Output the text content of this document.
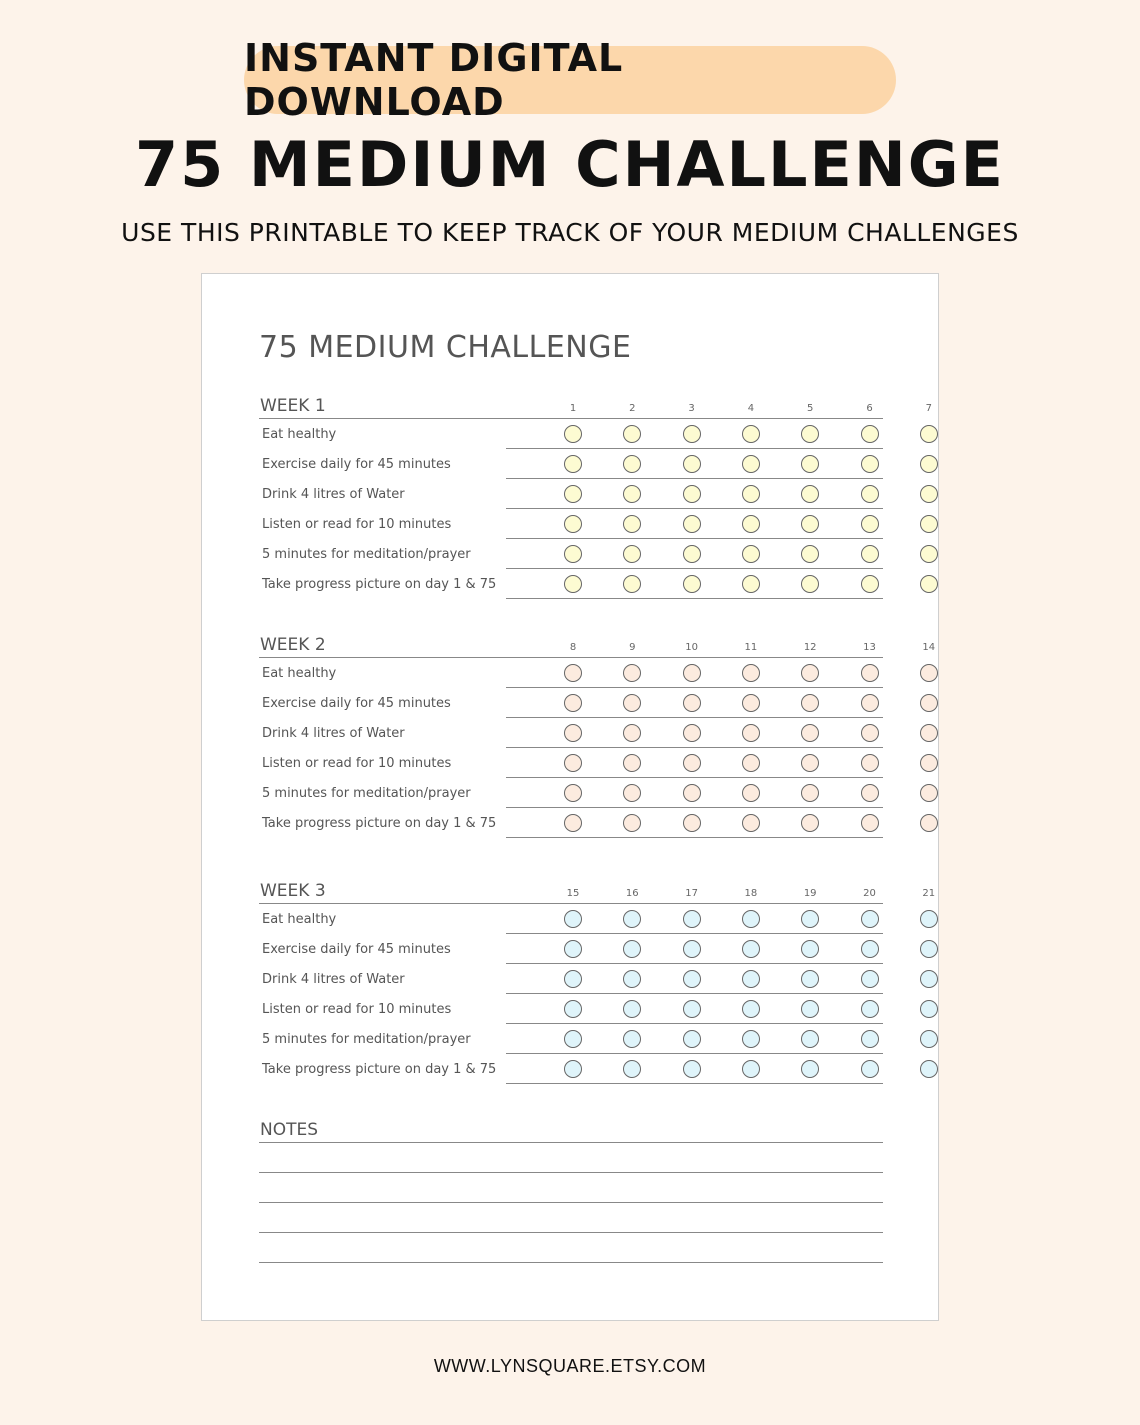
INSTANT DIGITAL DOWNLOAD
75 MEDIUM CHALLENGE
USE THIS PRINTABLE TO KEEP TRACK OF YOUR MEDIUM CHALLENGES
75 MEDIUM CHALLENGE
WEEK 1	1	2	3	4	5	6	7
Eat healthy
Exercise daily for 45 minutes
Drink 4 litres of Water
Listen or read for 10 minutes
5 minutes for meditation/prayer
Take progress picture on day 1 & 75
WEEK 2	8	9	10	11	12	13	14
Eat healthy
Exercise daily for 45 minutes
Drink 4 litres of Water
Listen or read for 10 minutes
5 minutes for meditation/prayer
Take progress picture on day 1 & 75
WEEK 3	15	16	17	18	19	20	21
Eat healthy
Exercise daily for 45 minutes
Drink 4 litres of Water
Listen or read for 10 minutes
5 minutes for meditation/prayer
Take progress picture on day 1 & 75
NOTES
WWW.LYNSQUARE.ETSY.COM
